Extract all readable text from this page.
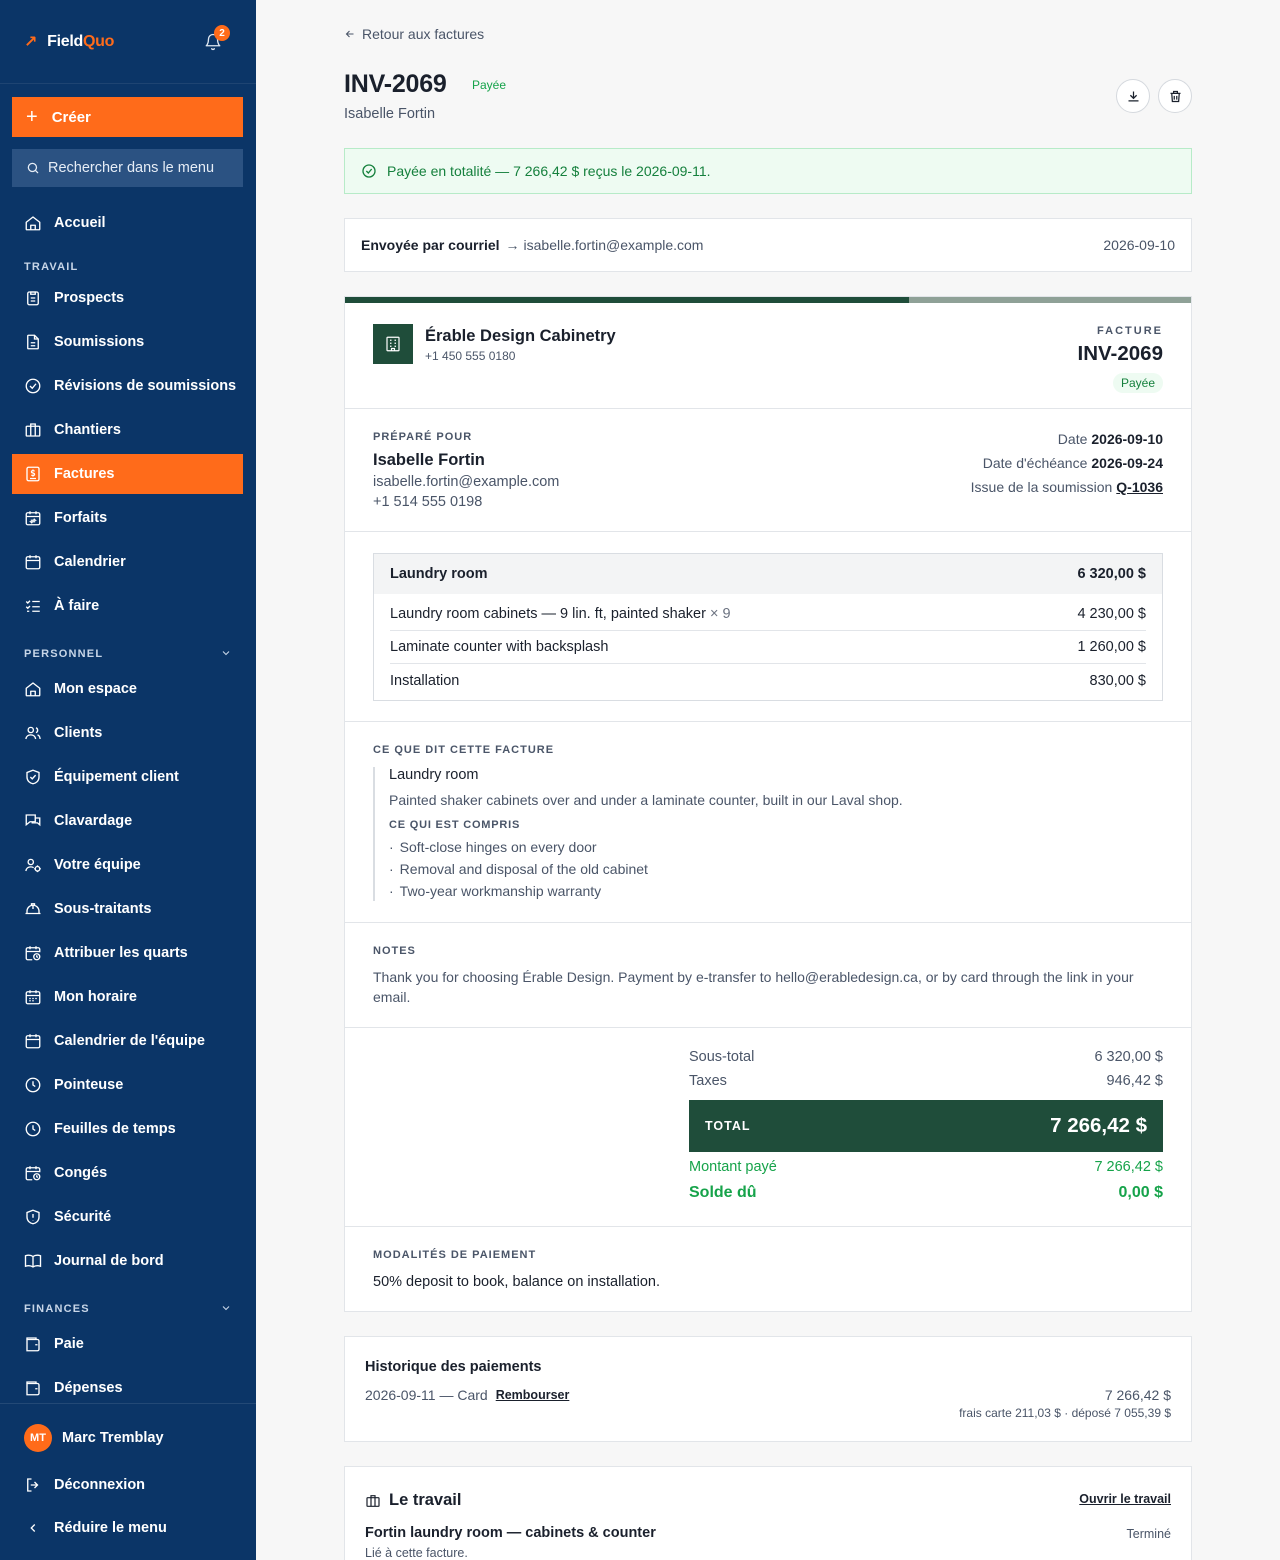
↗ Field Quo	2
+ Créer
Rechercher dans le menu
Accueil
TRAVAIL
Prospects
Soumissions
Révisions de soumissions
Chantiers
Factures
Forfaits
Calendrier
À faire
PERSONNEL
Mon espace
Clients
Équipement client
Clavardage
Votre équipe
Sous-traitants
Attribuer les quarts
Mon horaire
Calendrier de l'équipe
Pointeuse
Feuilles de temps
Congés
Sécurité
Journal de bord
FINANCES
Paie
Dépenses
MT	Marc Tremblay
Déconnexion
Réduire le menu
Retour aux factures
INV-2069	Payée
Isabelle Fortin
Payée en totalité — 7 266,42 $ reçus le 2026-09-11.
Envoyée par courriel → isabelle.fortin@example.com	2026-09-10
Érable Design Cabinetry
+1 450 555 0180
FACTURE
INV-2069
Payée
PRÉPARÉ POUR
Isabelle Fortin
isabelle.fortin@example.com
+1 514 555 0198
Date 2026-09-10
Date d'échéance 2026-09-24
Issue de la soumission Q-1036
Laundry room	6 320,00 $
Laundry room cabinets — 9 lin. ft, painted shaker × 9	4 230,00 $
Laminate counter with backsplash	1 260,00 $
Installation	830,00 $
CE QUE DIT CETTE FACTURE
Laundry room
Painted shaker cabinets over and under a laminate counter, built in our Laval shop.
CE QUI EST COMPRIS
· Soft-close hinges on every door
· Removal and disposal of the old cabinet
· Two-year workmanship warranty
NOTES
Thank you for choosing Érable Design. Payment by e-transfer to hello@erabledesign.ca, or by card through the link in your email.
Sous-total	6 320,00 $
Taxes	946,42 $
TOTAL	7 266,42 $
Montant payé	7 266,42 $
Solde dû	0,00 $
MODALITÉS DE PAIEMENT
50% deposit to book, balance on installation.
Historique des paiements
2026-09-11 — Card Rembourser	7 266,42 $
frais carte 211,03 $ · déposé 7 055,39 $
Le travail	Ouvrir le travail
Fortin laundry room — cabinets & counter	Terminé
Lié à cette facture.
